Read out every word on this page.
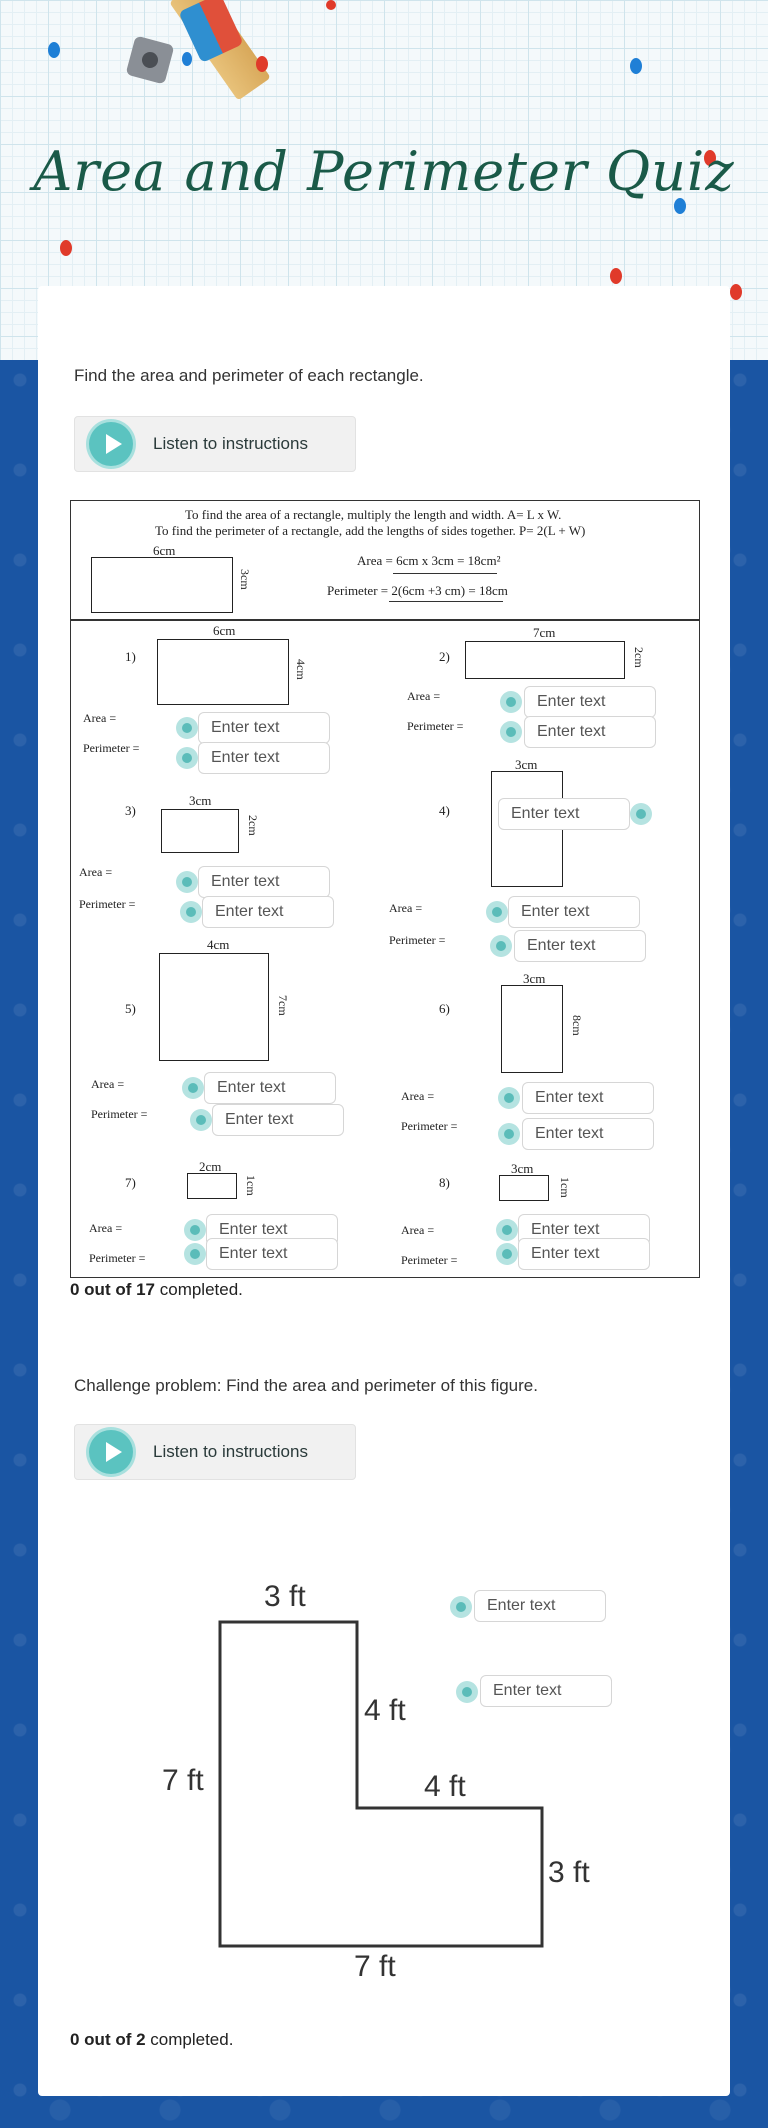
Area and Perimeter Quiz
Find the area and perimeter of each rectangle.
Listen to instructions
To find the area of a rectangle, multiply the length and width. A= L x W.
To find the perimeter of a rectangle, add the lengths of sides together. P= 2(L + W)
6cm
3cm
Area = 6cm x 3cm = 18cm²
Perimeter = 2(6cm +3 cm) = 18cm
1)
6cm
4cm
Area =
Perimeter =
2)
7cm
2cm
Area =
Perimeter =
3)
3cm
2cm
Area =
Perimeter =
4)
3cm
Area =
Perimeter =
5)
4cm
7cm
Area =
Perimeter =
6)
3cm
8cm
Area =
Perimeter =
7)
2cm
1cm
Area =
Perimeter =
8)
3cm
1cm
Area =
Perimeter =
Enter text
Enter text
Enter text
Enter text
Enter text
Enter text
Enter text
Enter text
Enter text
Enter text
Enter text
Enter text
Enter text
Enter text
Enter text
Enter text
Enter text
0 out of 17 completed.
Challenge problem: Find the area and perimeter of this figure.
Listen to instructions
3 ft
4 ft
7 ft	4 ft
3 ft
7 ft
Enter text
Enter text
0 out of 2 completed.
